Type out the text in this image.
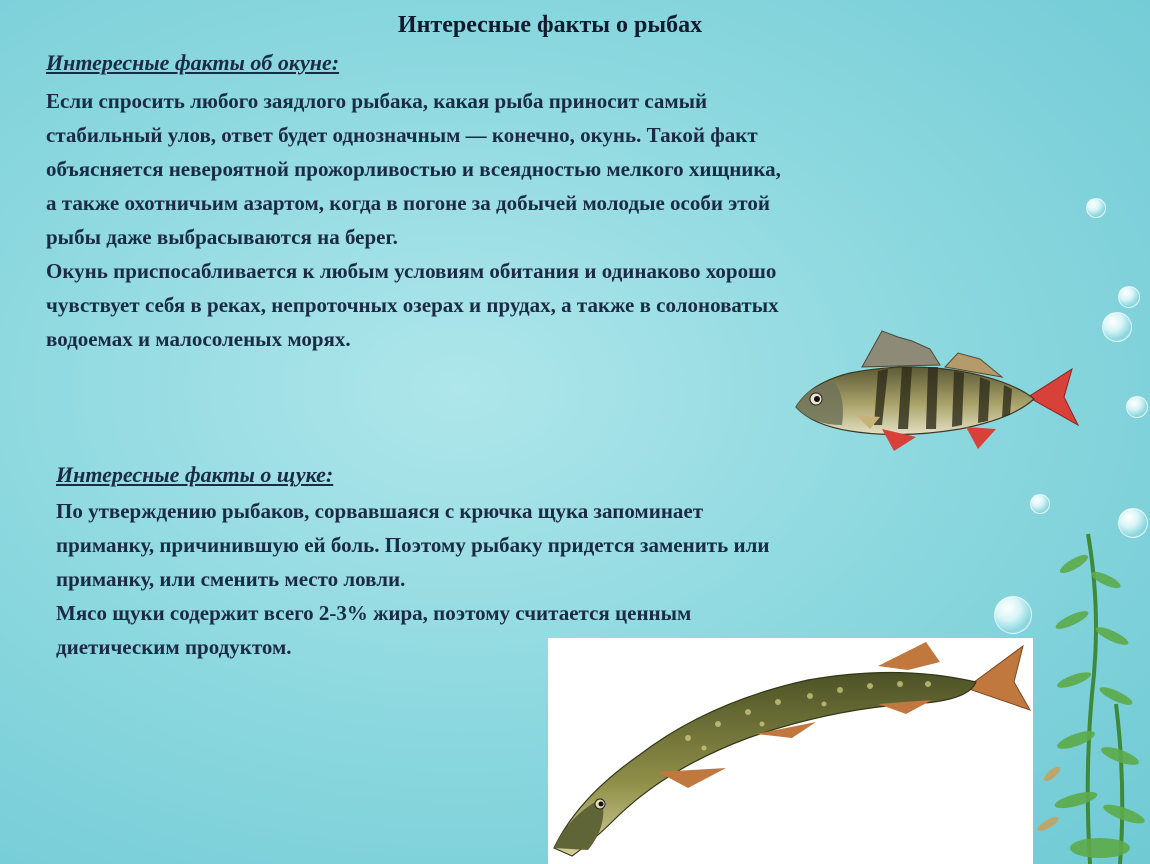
Интересные факты о рыбах
Интересные факты об окуне:
Если спросить любого заядлого рыбака, какая рыба приносит самый
стабильный улов, ответ будет однозначным — конечно, окунь. Такой факт
объясняется невероятной прожорливостью и всеядностью мелкого хищника,
а также охотничьим азартом, когда в погоне за добычей молодые особи этой
рыбы даже выбрасываются на берег.
Окунь приспосабливается к любым условиям обитания и одинаково хорошо
чувствует себя в реках, непроточных озерах и прудах, а также в солоноватых
водоемах и малосоленых морях.
Интересные факты о щуке:
По утверждению рыбаков, сорвавшаяся с крючка щука запоминает
приманку, причинившую ей боль. Поэтому рыбаку придется заменить или
приманку, или сменить место ловли.
Мясо щуки содержит всего 2-3% жира, поэтому считается ценным
диетическим продуктом.
